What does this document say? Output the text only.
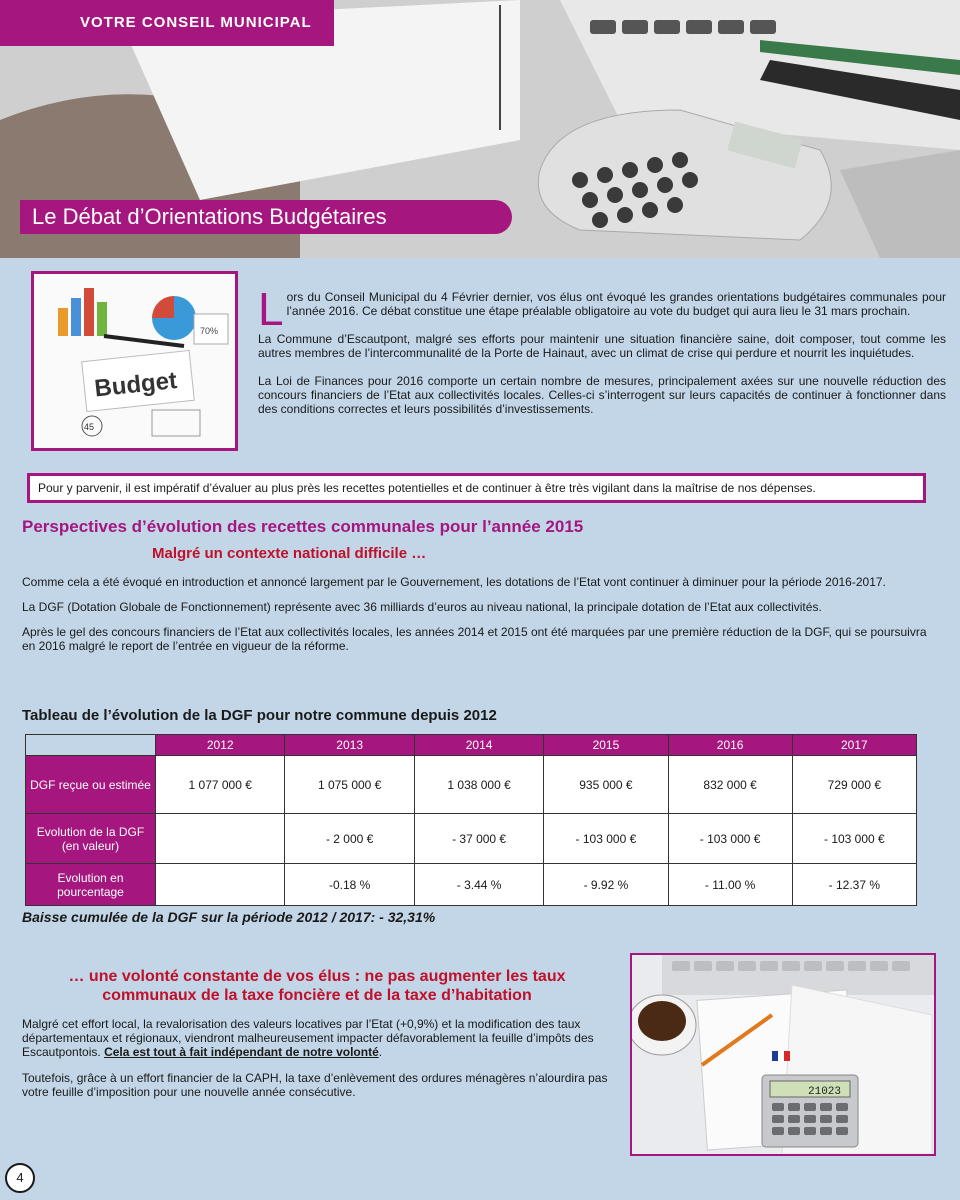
VOTRE CONSEIL MUNICIPAL
Le Débat d’Orientations Budgétaires
70%
Budget
45

Lors du Conseil Municipal du 4 Février dernier, vos élus ont évoqué les grandes orientations budgétaires communales pour l’année 2016. Ce débat constitue une étape préalable obligatoire au vote du budget qui aura lieu le 31 mars prochain.

La Commune d’Escautpont, malgré ses efforts pour maintenir une situation financière saine, doit composer, tout comme les autres membres de l’intercommunalité de la Porte de Hainaut, avec un climat de crise qui perdure et nourrit les inquiétudes.

La Loi de Finances pour 2016 comporte un certain nombre de mesures, principalement axées sur une nouvelle réduction des concours financiers de l’Etat aux collectivités locales. Celles-ci s’interrogent sur leurs capacités de continuer à fonctionner dans des conditions correctes et leurs possibilités d’investissements.

Pour y parvenir, il est impératif d’évaluer au plus près les recettes potentielles et de continuer à être très vigilant dans la maîtrise de nos dépenses.
Perspectives d’évolution des recettes communales pour l’année 2015
Malgré un contexte national difficile …

Comme cela a été évoqué en introduction et annoncé largement par le Gouvernement, les dotations de l’Etat vont continuer à diminuer pour la période 2016-2017.

La DGF (Dotation Globale de Fonctionnement) représente avec 36 milliards d’euros au niveau national, la principale dotation de l’Etat aux collectivités.

Après le gel des concours financiers de l’Etat aux collectivités locales, les années 2014 et 2015 ont été marquées par une première réduction de la DGF, qui se poursuivra en 2016 malgré le report de l’entrée en vigueur de la réforme.

Tableau de l’évolution de la DGF pour notre commune depuis 2012
	2012	2013	2014	2015	2016	2017
DGF reçue ou estimée	1 077 000 €	1 075 000 €	1 038 000 €	935 000 €	832 000 €	729 000 €
Evolution de la DGF (en valeur)		- 2 000 €	- 37 000 €	- 103 000 €	- 103 000 €	- 103 000 €
Evolution en pourcentage		-0.18 %	- 3.44 %	- 9.92 %	- 11.00 %	- 12.37 %
Baisse cumulée de la DGF sur la période 2012 / 2017: - 32,31%
… une volonté constante de vos élus : ne pas augmenter les taux communaux de la taxe foncière et de la taxe d’habitation

Malgré cet effort local, la revalorisation des valeurs locatives par l’Etat (+0,9%) et la modification des taux départementaux et régionaux, viendront malheureusement impacter défavorablement la feuille d’impôts des Escautpontois. Cela est tout à fait indépendant de notre volonté.

Toutefois, grâce à un effort financier de la CAPH, la taxe d’enlèvement des ordures ménagères n’alourdira pas votre feuille d’imposition pour une nouvelle année consécutive.	21023
4
